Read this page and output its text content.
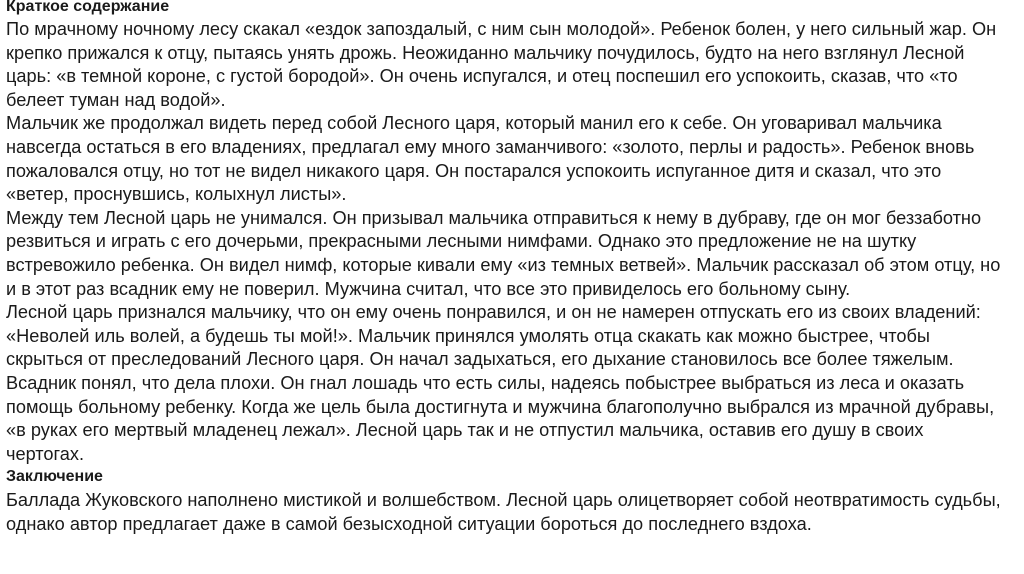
Краткое содержание

По мрачному ночному лесу скакал «ездок запоздалый, с ним сын молодой». Ребенок болен, у него сильный жар. Он крепко прижался к отцу, пытаясь унять дрожь. Неожиданно мальчику почудилось, будто на него взглянул Лесной царь: «в темной короне, с густой бородой». Он очень испугался, и отец поспешил его успокоить, сказав, что «то белеет туман над водой».

Мальчик же продолжал видеть перед собой Лесного царя, который манил его к себе. Он уговаривал мальчика навсегда остаться в его владениях, предлагал ему много заманчивого: «золото, перлы и радость». Ребенок вновь пожаловался отцу, но тот не видел никакого царя. Он постарался успокоить испуганное дитя и сказал, что это «ветер, проснувшись, колыхнул листы».

Между тем Лесной царь не унимался. Он призывал мальчика отправиться к нему в дубраву, где он мог беззаботно резвиться и играть с его дочерьми, прекрасными лесными нимфами. Однако это предложение не на шутку встревожило ребенка. Он видел нимф, которые кивали ему «из темных ветвей». Мальчик рассказал об этом отцу, но и в этот раз всадник ему не поверил. Мужчина считал, что все это привиделось его больному сыну.

Лесной царь признался мальчику, что он ему очень понравился, и он не намерен отпускать его из своих владений: «Неволей иль волей, а будешь ты мой!». Мальчик принялся умолять отца скакать как можно быстрее, чтобы скрыться от преследований Лесного царя. Он начал задыхаться, его дыхание становилось все более тяжелым.

Всадник понял, что дела плохи. Он гнал лошадь что есть силы, надеясь побыстрее выбраться из леса и оказать помощь больному ребенку. Когда же цель была достигнута и мужчина благополучно выбрался из мрачной дубравы, «в руках его мертвый младенец лежал». Лесной царь так и не отпустил мальчика, оставив его душу в своих чертогах.

Заключение

Баллада Жуковского наполнено мистикой и волшебством. Лесной царь олицетворяет собой неотвратимость судьбы, однако автор предлагает даже в самой безысходной ситуации бороться до последнего вздоха.
